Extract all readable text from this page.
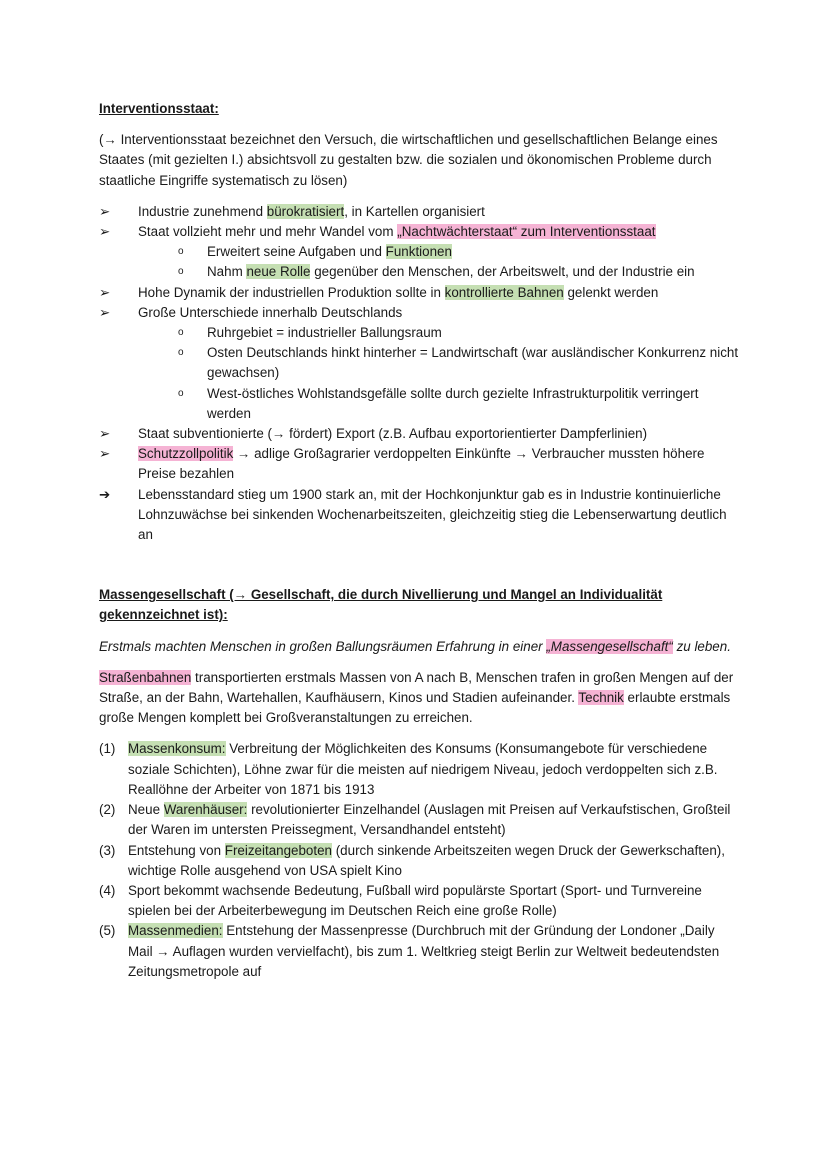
Interventionsstaat:

(→ Interventionsstaat bezeichnet den Versuch, die wirtschaftlichen und gesellschaftlichen Belange eines Staates (mit gezielten I.) absichtsvoll zu gestalten bzw. die sozialen und ökonomischen Probleme durch staatliche Eingriffe systematisch zu lösen)

➢	Industrie zunehmend bürokratisiert, in Kartellen organisiert
➢	Staat vollzieht mehr und mehr Wandel vom „Nachtwächterstaat“ zum Interventionsstaat
o Erweitert seine Aufgaben und Funktionen
o Nahm neue Rolle gegenüber den Menschen, der Arbeitswelt, und der Industrie ein
➢	Hohe Dynamik der industriellen Produktion sollte in kontrollierte Bahnen gelenkt werden
➢	Große Unterschiede innerhalb Deutschlands
o Ruhrgebiet = industrieller Ballungsraum
o Osten Deutschlands hinkt hinterher = Landwirtschaft (war ausländischer Konkurrenz nicht gewachsen)
o West-östliches Wohlstandsgefälle sollte durch gezielte Infrastrukturpolitik verringert werden
➢	Staat subventionierte (→ fördert) Export (z.B. Aufbau exportorientierter Dampferlinien)
➢	Schutzzollpolitik → adlige Großagrarier verdoppelten Einkünfte → Verbraucher mussten höhere Preise bezahlen
➔	Lebensstandard stieg um 1900 stark an, mit der Hochkonjunktur gab es in Industrie kontinuierliche Lohnzuwächse bei sinkenden Wochenarbeitszeiten, gleichzeitig stieg die Lebenserwartung deutlich an

Massengesellschaft (→ Gesellschaft, die durch Nivellierung und Mangel an Individualität gekennzeichnet ist):

Erstmals machten Menschen in großen Ballungsräumen Erfahrung in einer „Massengesellschaft“ zu leben.

Straßenbahnen transportierten erstmals Massen von A nach B, Menschen trafen in großen Mengen auf der Straße, an der Bahn, Wartehallen, Kaufhäusern, Kinos und Stadien aufeinander. Technik erlaubte erstmals große Mengen komplett bei Großveranstaltungen zu erreichen.

(1) Massenkonsum: Verbreitung der Möglichkeiten des Konsums (Konsumangebote für verschiedene soziale Schichten), Löhne zwar für die meisten auf niedrigem Niveau, jedoch verdoppelten sich z.B. Reallöhne der Arbeiter von 1871 bis 1913
(2) Neue Warenhäuser: revolutionierter Einzelhandel (Auslagen mit Preisen auf Verkaufstischen, Großteil der Waren im untersten Preissegment, Versandhandel entsteht)
(3) Entstehung von Freizeitangeboten (durch sinkende Arbeitszeiten wegen Druck der Gewerkschaften), wichtige Rolle ausgehend von USA spielt Kino
(4) Sport bekommt wachsende Bedeutung, Fußball wird populärste Sportart (Sport- und Turnvereine spielen bei der Arbeiterbewegung im Deutschen Reich eine große Rolle)
(5) Massenmedien: Entstehung der Massenpresse (Durchbruch mit der Gründung der Londoner „Daily Mail → Auflagen wurden vervielfacht), bis zum 1. Weltkrieg steigt Berlin zur Weltweit bedeutendsten Zeitungsmetropole auf
